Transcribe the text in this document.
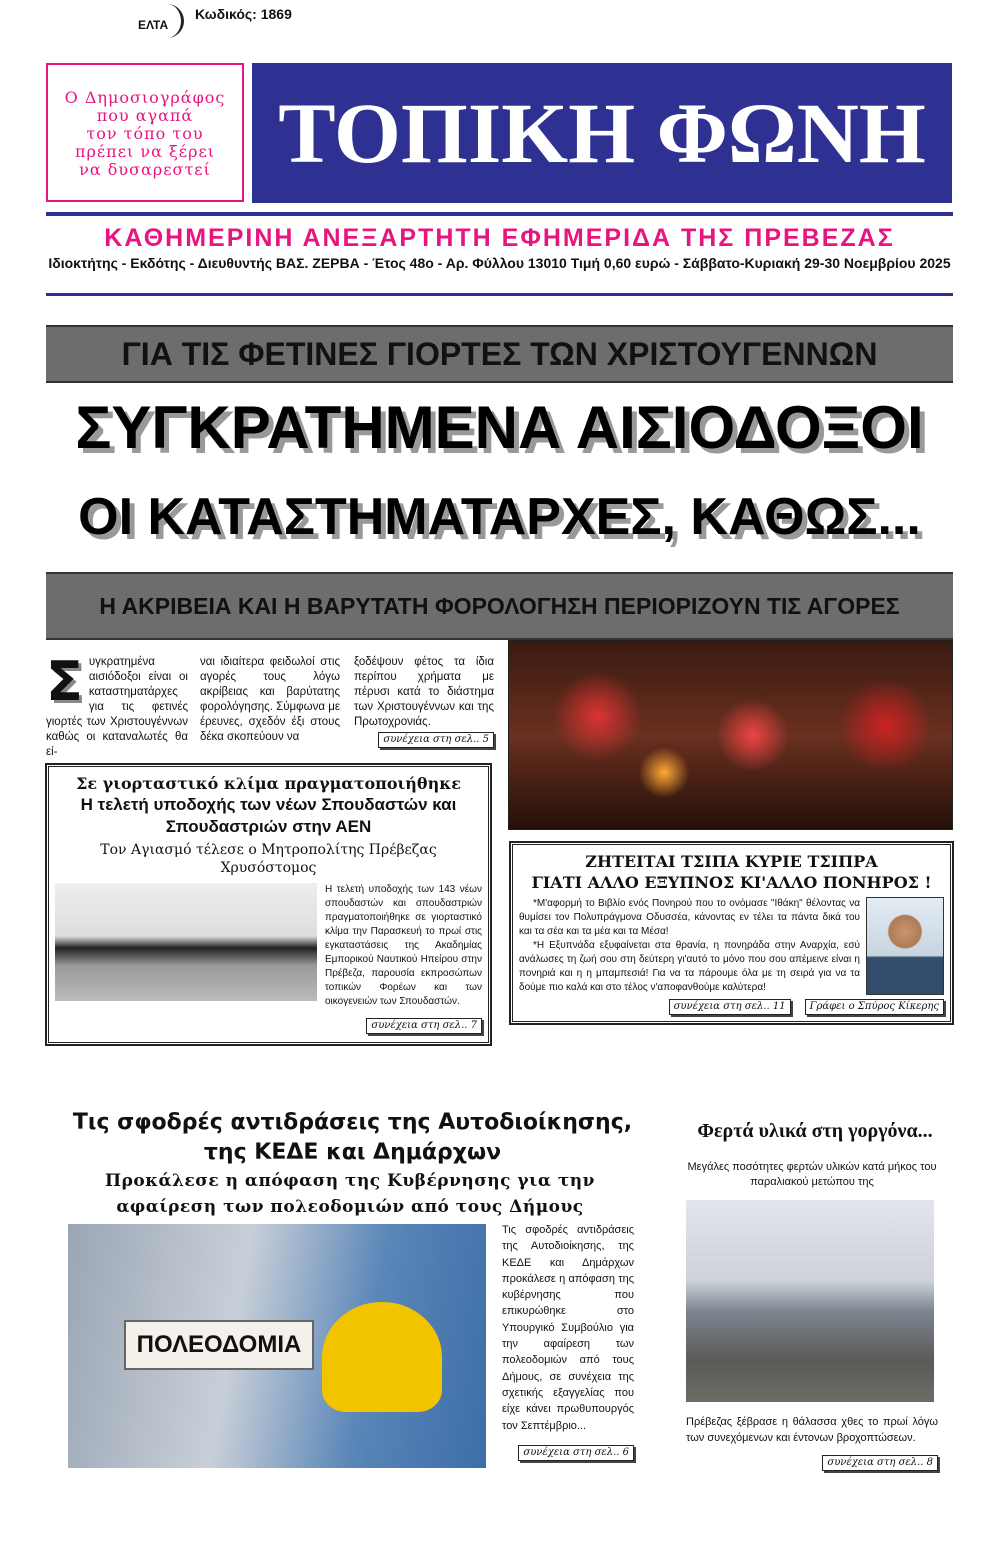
ΕΛΤΑ
Κωδικός: 1869
Ο Δημοσιογράφος
που αγαπά
τον τόπο του
πρέπει να ξέρει
να δυσαρεστεί ΤΟΠΙΚΗ ΦΩΝΗ
ΚΑΘΗΜΕΡΙΝΗ ΑΝΕΞΑΡΤΗΤΗ ΕΦΗΜΕΡΙΔΑ ΤΗΣ ΠΡΕΒΕΖΑΣ
Ιδιοκτήτης - Εκδότης - Διευθυντής ΒΑΣ. ΖΕΡΒΑ - Έτος 48ο - Αρ. Φύλλου 13010 Τιμή 0,60 ευρώ - Σάββατο-Κυριακή 29-30 Νοεμβρίου 2025
ΓΙΑ ΤΙΣ ΦΕΤΙΝΕΣ ΓΙΟΡΤΕΣ ΤΩΝ ΧΡΙΣΤΟΥΓΕΝΝΩΝ
ΣΥΓΚΡΑΤΗΜΕΝΑ ΑΙΣΙΟΔΟΞΟΙ
ΟΙ ΚΑΤΑΣΤΗΜΑΤΑΡΧΕΣ, ΚΑΘΩΣ...
Η ΑΚΡΙΒΕΙΑ ΚΑΙ Η ΒΑΡΥΤΑΤΗ ΦΟΡΟΛΟΓΗΣΗ ΠΕΡΙΟΡΙΖΟΥΝ ΤΙΣ ΑΓΟΡΕΣ
Συγκρατημένα αισιόδοξοι είναι οι καταστηματάρχες για τις φετινές γιορτές των Χριστουγέννων καθώς οι καταναλωτές θα εί-
ναι ιδιαίτερα φειδωλοί στις αγορές τους λόγω ακρίβειας και βαρύτατης φορολόγησης. Σύμφωνα με έρευνες, σχεδόν έξι στους δέκα σκοπεύουν να
ξοδέψουν φέτος τα ίδια περίπου χρήματα με πέρυσι κατά το διάστημα των Χριστουγέννων και της Πρωτοχρονιάς.
συνέχεια στη σελ.. 5
Σε γιορταστικό κλίμα πραγματοποιήθηκε
Η τελετή υποδοχής των νέων Σπουδαστών και Σπουδαστριών στην ΑΕΝ
Τον Αγιασμό τέλεσε ο Μητροπολίτης Πρέβεζας Χρυσόστομος
Η τελετή υποδοχής των 143 νέων σπουδαστών και σπουδαστριών πραγματοποιήθηκε σε γιορταστικό κλίμα την Παρασκευή το πρωί στις εγκαταστάσεις της Ακαδημίας Εμπορικού Ναυτικού Ηπείρου στην Πρέβεζα, παρουσία εκπροσώπων τοπικών Φορέων και των οικογενειών των Σπουδαστών.
συνέχεια στη σελ.. 7
ΖΗΤΕΙΤΑΙ ΤΣΙΠΑ ΚΥΡΙΕ ΤΣΙΠΡΑ
ΓΙΑΤΙ ΑΛΛΟ ΕΞΥΠΝΟΣ ΚΙ'ΑΛΛΟ ΠΟΝΗΡΟΣ !
*Μ'αφορμή το Βιβλίο ενός Πονηρού που το ονόμασε "Ιθάκη" θέλοντας να θυμίσει τον Πολυπράγμονα Οδυσσέα, κάνοντας εν τέλει τα πάντα δικά του και τα σέα και τα μέα και τα Μέσα!
*Η Εξυπνάδα εξυφαίνεται στα θρανία, η πονηράδα στην Αναρχία, εσύ ανάλωσες τη ζωή σου στη δεύτερη γι'αυτό το μόνο που σου απέμεινε είναι η πονηριά και η η μπαμπεσιά! Για να τα πάρουμε όλα με τη σειρά για να τα δούμε πιο καλά και στο τέλος ν'αποφανθούμε καλύτερα!
συνέχεια στη σελ.. 11	Γράφει ο Σπύρος Κίκερης
Τις σφοδρές αντιδράσεις της Αυτοδιοίκησης, της ΚΕΔΕ και Δημάρχων
Προκάλεσε η απόφαση της Κυβέρνησης για την αφαίρεση των πολεοδομιών από τους Δήμους
ΠΟΛΕΟΔΟΜΙΑ
Τις σφοδρές αντιδράσεις της Αυτοδιοίκησης, της ΚΕΔΕ και Δημάρχων προκάλεσε η απόφαση της κυβέρνησης που επικυρώθηκε στο Υπουργικό Συμβούλιο για την αφαίρεση των πολεοδομιών από τους Δήμους, σε συνέχεια της σχετικής εξαγγελίας που είχε κάνει πρωθυπουργός τον Σεπτέμβριο...
συνέχεια στη σελ.. 6
Φερτά υλικά στη γοργόνα...
Μεγάλες ποσότητες φερτών υλικών κατά μήκος του παραλιακού μετώπου της
Πρέβεζας ξέβρασε η θάλασσα χθες το πρωί λόγω των συνεχόμενων και έντονων βροχοπτώσεων.
συνέχεια στη σελ.. 8
